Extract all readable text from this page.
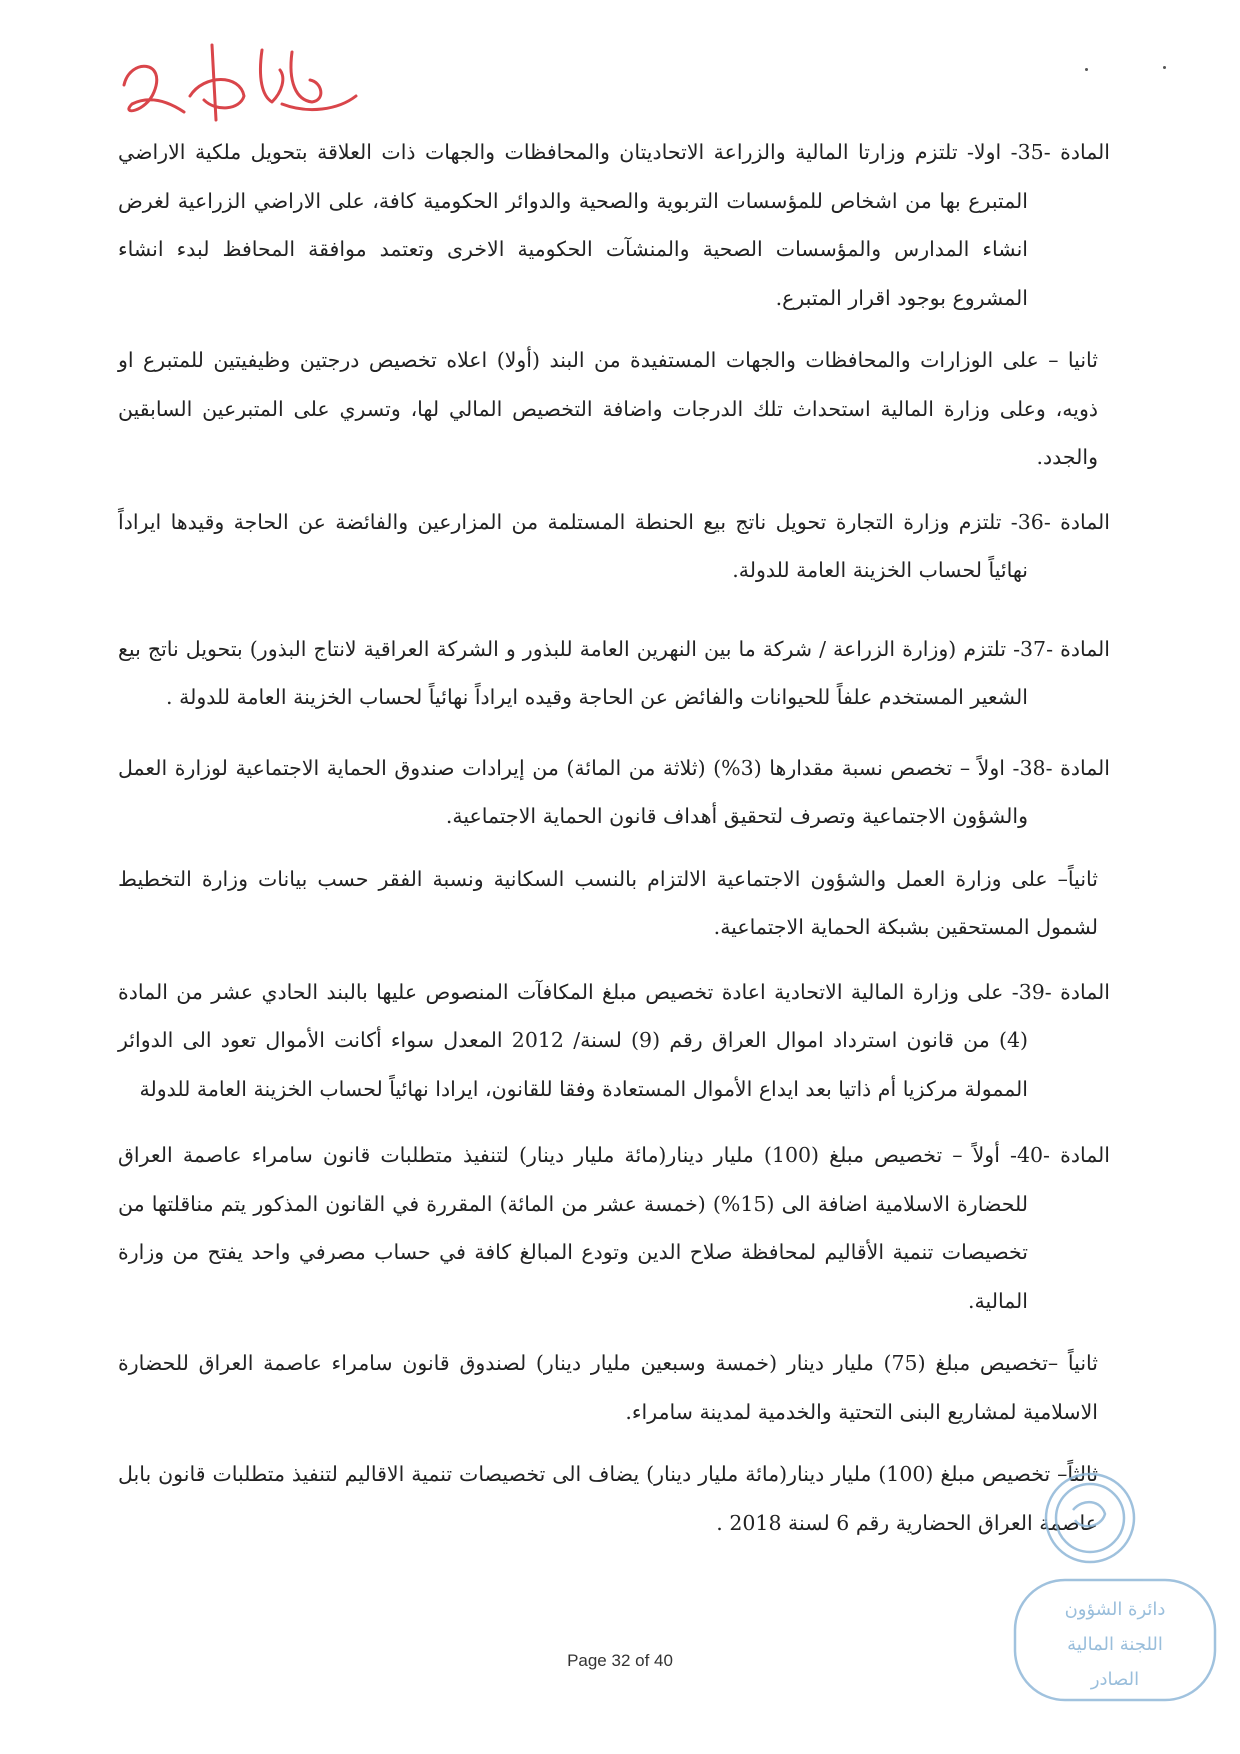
المادة -35- اولا- تلتزم وزارتا المالية والزراعة الاتحاديتان والمحافظات والجهات ذات العلاقة بتحويل ملكية الاراضي المتبرع بها من اشخاص للمؤسسات التربوية والصحية والدوائر الحكومية كافة، على الاراضي الزراعية لغرض انشاء المدارس والمؤسسات الصحية والمنشآت الحكومية الاخرى وتعتمد موافقة المحافظ لبدء انشاء المشروع بوجود اقرار المتبرع.

ثانيا – على الوزارات والمحافظات والجهات المستفيدة من البند (أولا) اعلاه تخصيص درجتين وظيفيتين للمتبرع او ذويه، وعلى وزارة المالية استحداث تلك الدرجات واضافة التخصيص المالي لها، وتسري على المتبرعين السابقين والجدد.

المادة -36- تلتزم وزارة التجارة تحويل ناتج بيع الحنطة المستلمة من المزارعين والفائضة عن الحاجة وقيدها ايراداً نهائياً لحساب الخزينة العامة للدولة.

المادة -37- تلتزم (وزارة الزراعة / شركة ما بين النهرين العامة للبذور و الشركة العراقية لانتاج البذور) بتحويل ناتج بيع الشعير المستخدم علفاً للحيوانات والفائض عن الحاجة وقيده ايراداً نهائياً لحساب الخزينة العامة للدولة .

المادة -38- اولاً – تخصص نسبة مقدارها (3%) (ثلاثة من المائة) من إيرادات صندوق الحماية الاجتماعية لوزارة العمل والشؤون الاجتماعية وتصرف لتحقيق أهداف قانون الحماية الاجتماعية.

ثانياً– على وزارة العمل والشؤون الاجتماعية الالتزام بالنسب السكانية ونسبة الفقر حسب بيانات وزارة التخطيط لشمول المستحقين بشبكة الحماية الاجتماعية.

المادة -39- على وزارة المالية الاتحادية اعادة تخصيص مبلغ المكافآت المنصوص عليها بالبند الحادي عشر من المادة (4) من قانون استرداد اموال العراق رقم (9) لسنة/ 2012 المعدل سواء أكانت الأموال تعود الى الدوائر الممولة مركزيا أم ذاتيا بعد ايداع الأموال المستعادة وفقا للقانون، ايرادا نهائياً لحساب الخزينة العامة للدولة

المادة -40- أولاً – تخصيص مبلغ (100) مليار دينار(مائة مليار دينار) لتنفيذ متطلبات قانون سامراء عاصمة العراق للحضارة الاسلامية اضافة الى (15%) (خمسة عشر من المائة) المقررة في القانون المذكور يتم مناقلتها من تخصيصات تنمية الأقاليم لمحافظة صلاح الدين وتودع المبالغ كافة في حساب مصرفي واحد يفتح من وزارة المالية.

ثانياً –تخصيص مبلغ (75) مليار دينار (خمسة وسبعين مليار دينار) لصندوق قانون سامراء عاصمة العراق للحضارة الاسلامية لمشاريع البنى التحتية والخدمية لمدينة سامراء.

ثالثاً– تخصيص مبلغ (100) مليار دينار(مائة مليار دينار) يضاف الى تخصيصات تنمية الاقاليم لتنفيذ متطلبات قانون بابل عاصمة العراق الحضارية رقم 6 لسنة 2018 .

دائرة الشؤون
اللجنة المالية
الصادر
Page 32 of 40
